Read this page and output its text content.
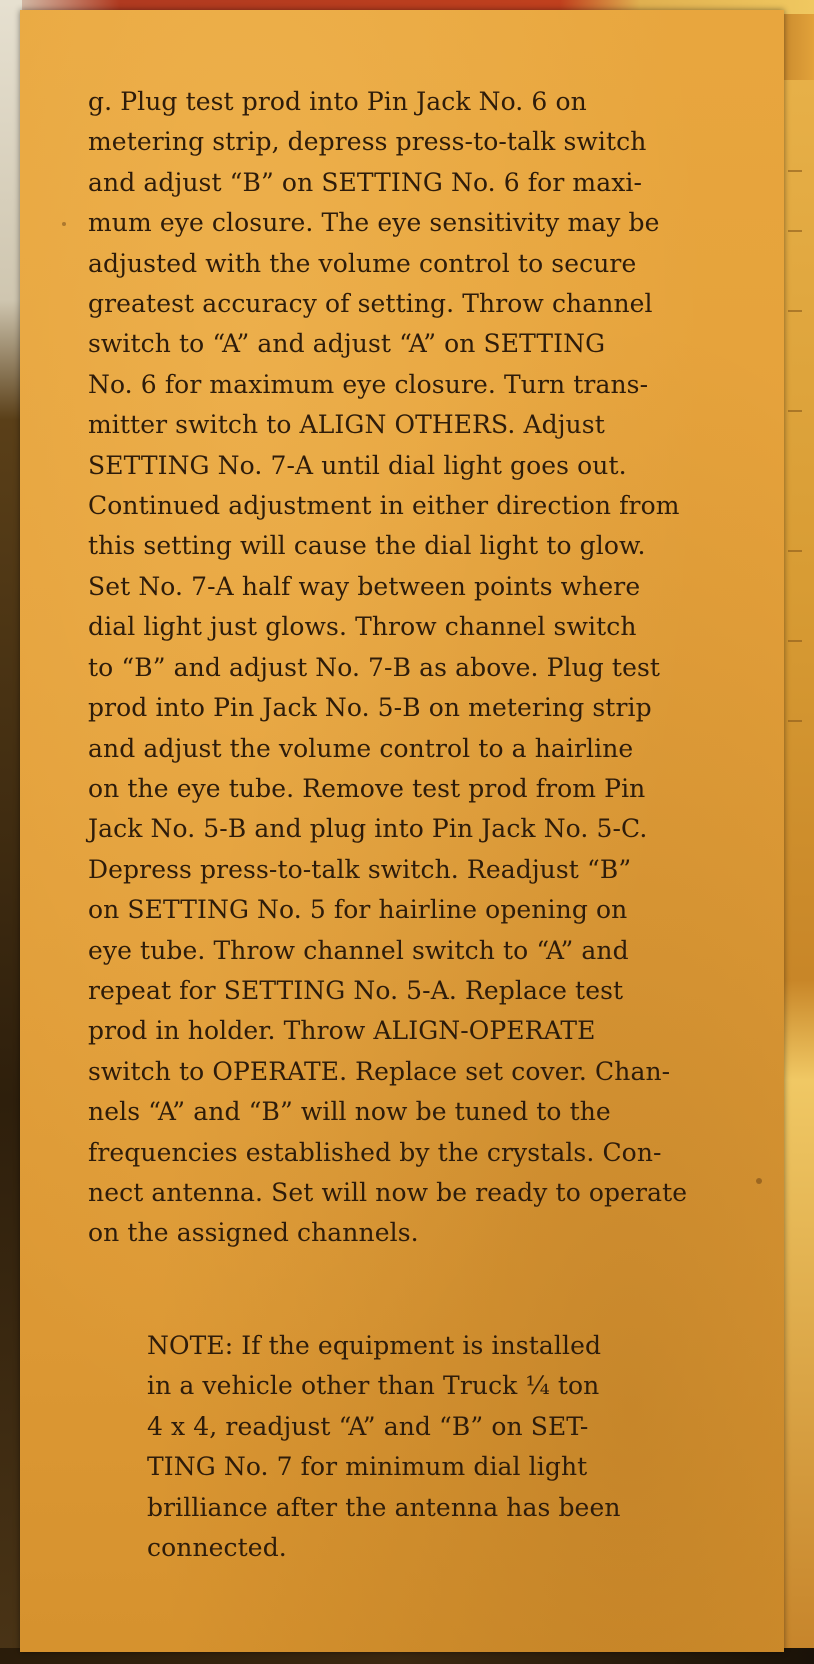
g. Plug test prod into Pin Jack No. 6 on
metering strip, depress press-to-talk switch
and adjust “B” on SETTING No. 6 for maxi-
mum eye closure. The eye sensitivity may be
adjusted with the volume control to secure
greatest accuracy of setting. Throw channel
switch to “A” and adjust “A” on SETTING
No. 6 for maximum eye closure. Turn trans-
mitter switch to ALIGN OTHERS. Adjust
SETTING No. 7-A until dial light goes out.
Continued adjustment in either direction from
this setting will cause the dial light to glow.
Set No. 7-A half way between points where
dial light just glows. Throw channel switch
to “B” and adjust No. 7-B as above. Plug test
prod into Pin Jack No. 5-B on metering strip
and adjust the volume control to a hairline
on the eye tube. Remove test prod from Pin
Jack No. 5-B and plug into Pin Jack No. 5-C.
Depress press-to-talk switch. Readjust “B”
on SETTING No. 5 for hairline opening on
eye tube. Throw channel switch to “A” and
repeat for SETTING No. 5-A. Replace test
prod in holder. Throw ALIGN-OPERATE
switch to OPERATE. Replace set cover. Chan-
nels “A” and “B” will now be tuned to the
frequencies established by the crystals. Con-
nect antenna. Set will now be ready to operate
on the assigned channels.
NOTE: If the equipment is installed
in a vehicle other than Truck ¼ ton
4 x 4, readjust “A” and “B” on SET-
TING No. 7 for minimum dial light
brilliance after the antenna has been
connected.
